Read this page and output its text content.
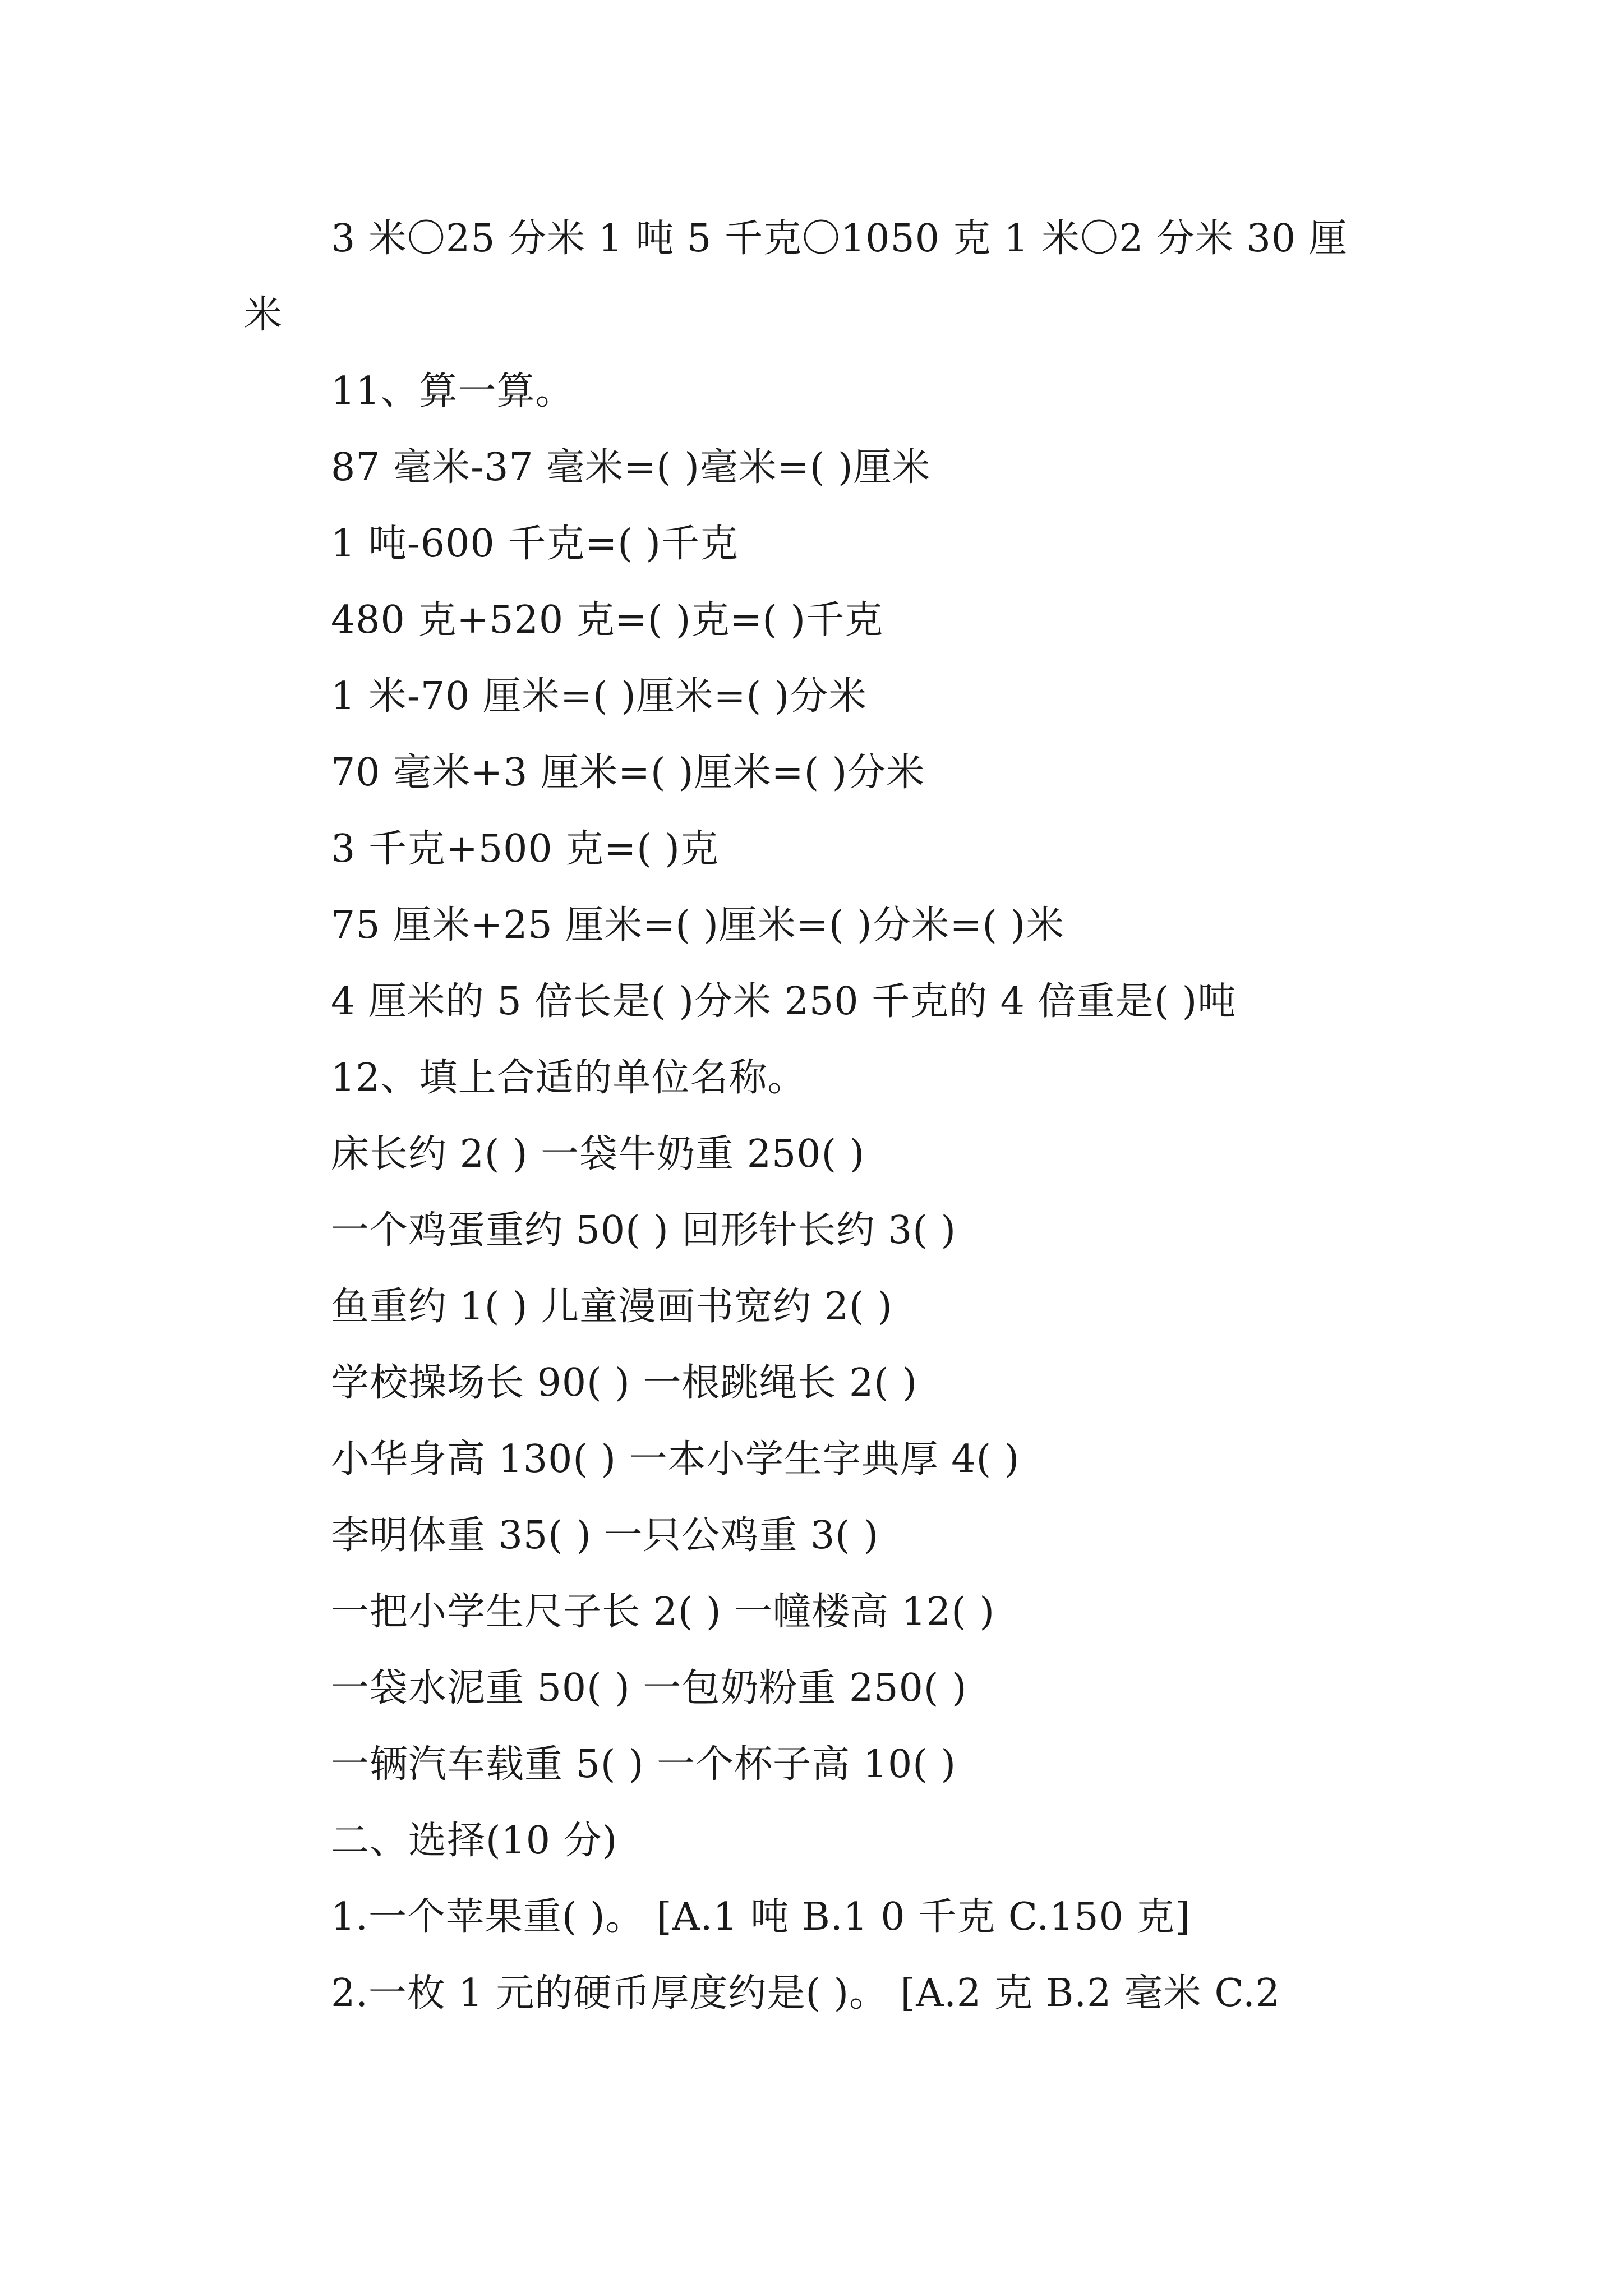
3 米〇25 分米 1 吨 5 千克〇1050 克 1 米〇2 分米 30 厘
米
11、算一算。
87 毫米-37 毫米=( )毫米=( )厘米
1 吨-600 千克=( )千克
480 克+520 克=( )克=( )千克
1 米-70 厘米=( )厘米=( )分米
70 毫米+3 厘米=( )厘米=( )分米
3 千克+500 克=( )克
75 厘米+25 厘米=( )厘米=( )分米=( )米
4 厘米的 5 倍长是( )分米 250 千克的 4 倍重是( )吨
12、填上合适的单位名称。
床长约 2( ) 一袋牛奶重 250( )
一个鸡蛋重约 50( ) 回形针长约 3( )
鱼重约 1( ) 儿童漫画书宽约 2( )
学校操场长 90( ) 一根跳绳长 2( )
小华身高 130( ) 一本小学生字典厚 4( )
李明体重 35( ) 一只公鸡重 3( )
一把小学生尺子长 2( ) 一幢楼高 12( )
一袋水泥重 50( ) 一包奶粉重 250( )
一辆汽车载重 5( ) 一个杯子高 10( )
二、选择(10 分)
1.一个苹果重( )。 [A.1 吨 B.1 0 千克 C.150 克]
2.一枚 1 元的硬币厚度约是( )。 [A.2 克 B.2 毫米 C.2
